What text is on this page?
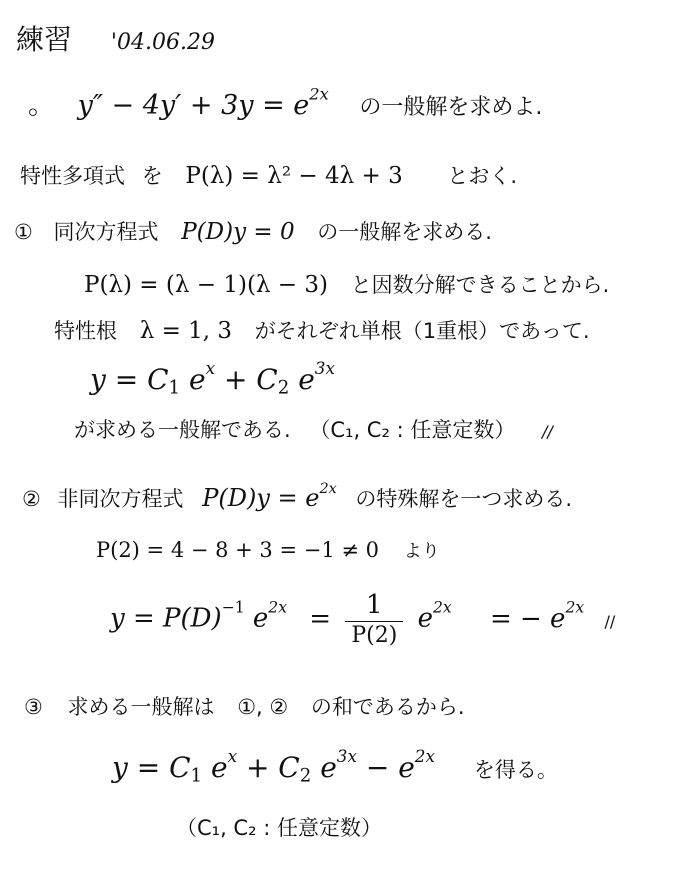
練習 '04.06.29
。 $y'' - 4y' + 3y = e^{2x}$ の一般解を求めよ.
特性多項式 を P(λ) = λ² − 4λ + 3 とおく.
① 同次方程式 P(D)y = 0 の一般解を求める.
P(λ) = (λ − 1)(λ − 3) と因数分解できることから.
特性根 λ = 1, 3 がそれぞれ単根（1重根）であって.
$y = C_1$ $e^x + C_2$ $e^{3x}$
が求める一般解である. （C₁, C₂ : 任意定数） //
② 非同次方程式 $P(D)y = e^{2x}$ の特殊解を一つ求める.
P(2) = 4 − 8 + 3 = −1 ≠ 0 より
$y = P(D)^{-1}$ $e^{2x} = \frac{1}{P(2)} e^{2x}$ = − $e^{2x}$ //
③ 求める一般解は ①, ② の和であるから.
$y = C_1$ $e^x + C_2$ $e^{3x} - e^{2x}$ を得る。
（C₁, C₂ : 任意定数）
